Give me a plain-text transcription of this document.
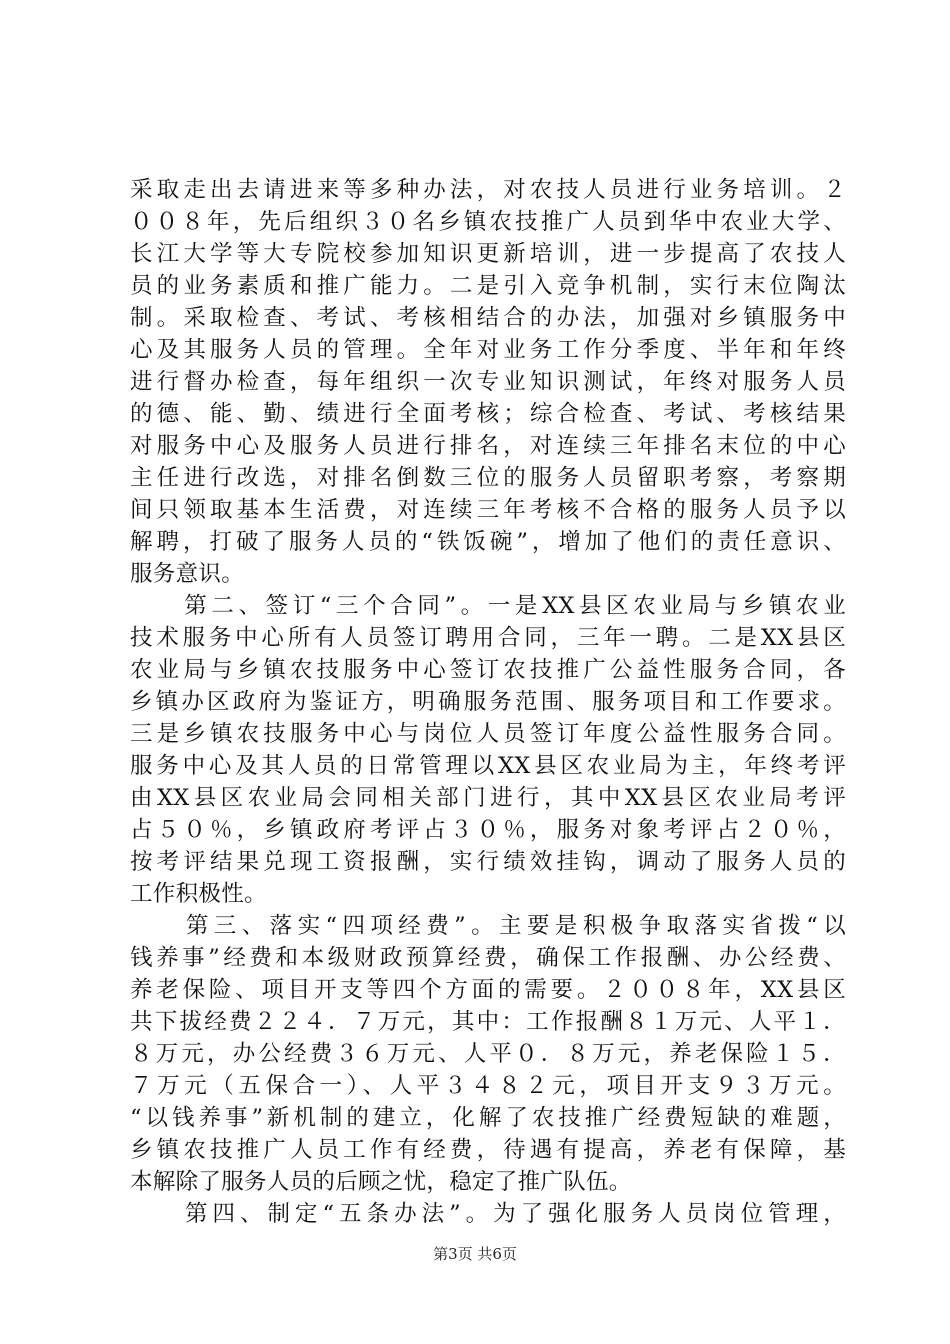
采取走出去请进来等多种办法，对农技人员进行业务培训。２
００８年，先后组织３０名乡镇农技推广人员到华中农业大学、
长江大学等大专院校参加知识更新培训，进一步提高了农技人
员的业务素质和推广能力。二是引入竞争机制，实行末位陶汰
制。采取检查、考试、考核相结合的办法，加强对乡镇服务中
心及其服务人员的管理。全年对业务工作分季度、半年和年终
进行督办检查，每年组织一次专业知识测试，年终对服务人员
的德、能、勤、绩进行全面考核；综合检查、考试、考核结果
对服务中心及服务人员进行排名，对连续三年排名末位的中心
主任进行改选，对排名倒数三位的服务人员留职考察，考察期
间只领取基本生活费，对连续三年考核不合格的服务人员予以
解聘，打破了服务人员的“铁饭碗”，增加了他们的责任意识、
服务意识。
　　第二、签订“三个合同”。一是XX县区农业局与乡镇农业
技术服务中心所有人员签订聘用合同，三年一聘。二是XX县区
农业局与乡镇农技服务中心签订农技推广公益性服务合同，各
乡镇办区政府为鉴证方，明确服务范围、服务项目和工作要求。
三是乡镇农技服务中心与岗位人员签订年度公益性服务合同。
服务中心及其人员的日常管理以XX县区农业局为主，年终考评
由XX县区农业局会同相关部门进行，其中XX县区农业局考评
占５０％，乡镇政府考评占３０％，服务对象考评占２０％，
按考评结果兑现工资报酬，实行绩效挂钩，调动了服务人员的
工作积极性。
　　第三、落实“四项经费”。主要是积极争取落实省拨“以
钱养事”经费和本级财政预算经费，确保工作报酬、办公经费、
养老保险、项目开支等四个方面的需要。２００８年，XX县区
共下拔经费２２４．７万元，其中：工作报酬８１万元、人平１．
８万元，办公经费３６万元、人平０．８万元，养老保险１５．
７万元（五保合一）、人平３４８２元，项目开支９３万元。
“以钱养事”新机制的建立，化解了农技推广经费短缺的难题，
乡镇农技推广人员工作有经费，待遇有提高，养老有保障，基
本解除了服务人员的后顾之忧，稳定了推广队伍。
　　第四、制定“五条办法”。为了强化服务人员岗位管理，
第3页 共6页
